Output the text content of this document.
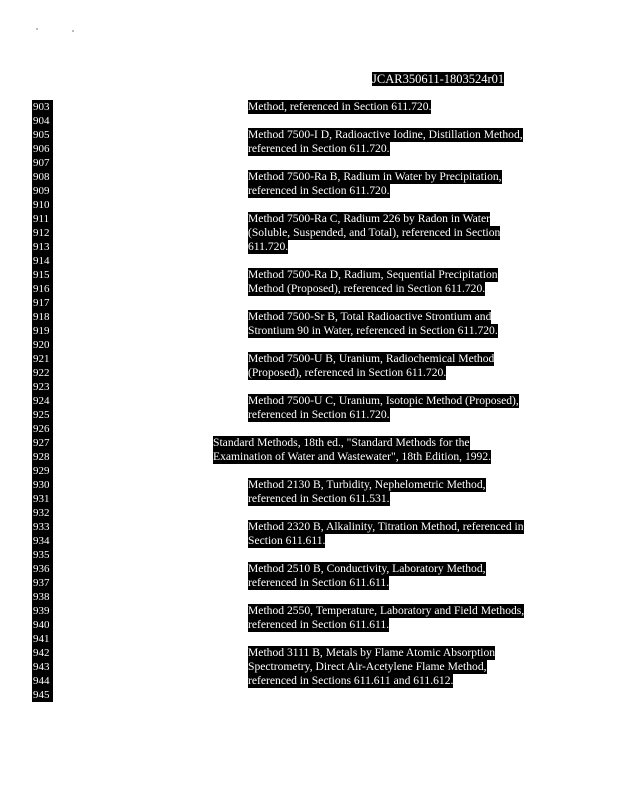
JCAR350611-1803524r01
903
904
905
906
907
908
909
910
911
912
913
914
915
916
917
918
919
920
921
922
923
924
925
926
927
928
929
930
931
932
933
934
935
936
937
938
939
940
941
942
943
944
945
Method, referenced in Section 611.720.
Method 7500-I D, Radioactive Iodine, Distillation Method,
referenced in Section 611.720.
Method 7500-Ra B, Radium in Water by Precipitation,
referenced in Section 611.720.
Method 7500-Ra C, Radium 226 by Radon in Water
(Soluble, Suspended, and Total), referenced in Section
611.720.
Method 7500-Ra D, Radium, Sequential Precipitation
Method (Proposed), referenced in Section 611.720.
Method 7500-Sr B, Total Radioactive Strontium and
Strontium 90 in Water, referenced in Section 611.720.
Method 7500-U B, Uranium, Radiochemical Method
(Proposed), referenced in Section 611.720.
Method 7500-U C, Uranium, Isotopic Method (Proposed),
referenced in Section 611.720.
Standard Methods, 18th ed., "Standard Methods for the
Examination of Water and Wastewater", 18th Edition, 1992.
Method 2130 B, Turbidity, Nephelometric Method,
referenced in Section 611.531.
Method 2320 B, Alkalinity, Titration Method, referenced in
Section 611.611.
Method 2510 B, Conductivity, Laboratory Method,
referenced in Section 611.611.
Method 2550, Temperature, Laboratory and Field Methods,
referenced in Section 611.611.
Method 3111 B, Metals by Flame Atomic Absorption
Spectrometry, Direct Air-Acetylene Flame Method,
referenced in Sections 611.611 and 611.612.
